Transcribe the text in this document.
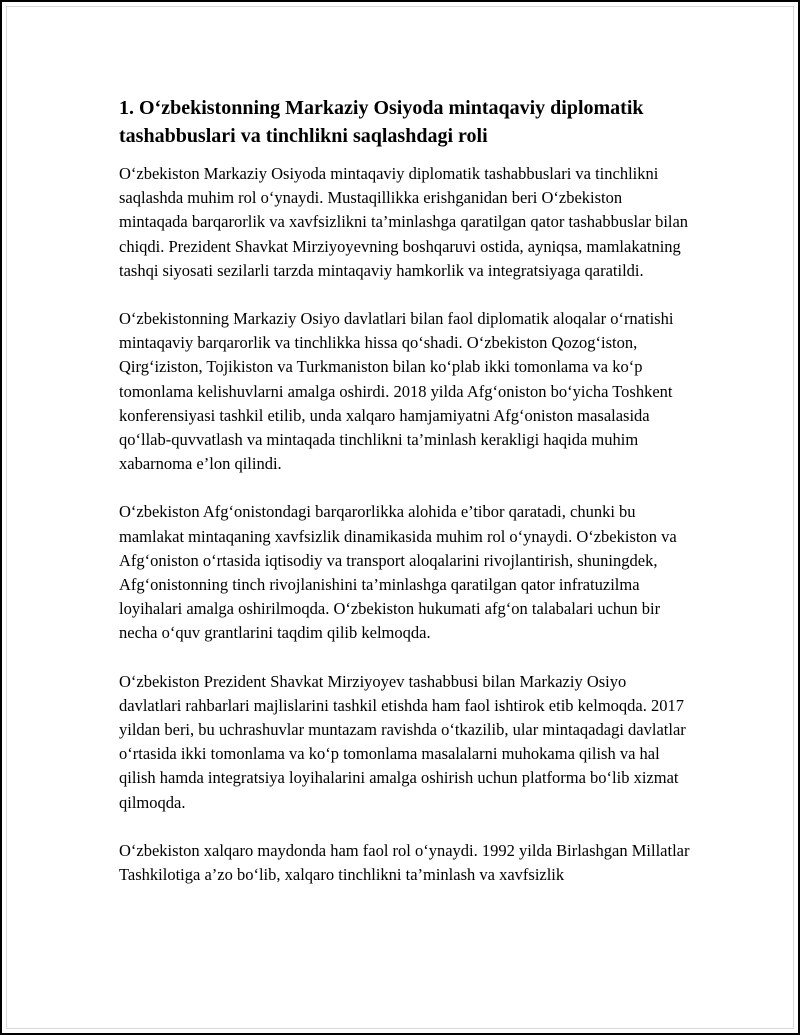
1. O‘zbekistonning Markaziy Osiyoda mintaqaviy diplomatik tashabbuslari va tinchlikni saqlashdagi roli

O‘zbekiston Markaziy Osiyoda mintaqaviy diplomatik tashabbuslari va tinchlikni saqlashda muhim rol o‘ynaydi. Mustaqillikka erishganidan beri O‘zbekiston mintaqada barqarorlik va xavfsizlikni ta’minlashga qaratilgan qator tashabbuslar bilan chiqdi. Prezident Shavkat Mirziyoyevning boshqaruvi ostida, ayniqsa, mamlakatning tashqi siyosati sezilarli tarzda mintaqaviy hamkorlik va integratsiyaga qaratildi.

O‘zbekistonning Markaziy Osiyo davlatlari bilan faol diplomatik aloqalar o‘rnatishi mintaqaviy barqarorlik va tinchlikka hissa qo‘shadi. O‘zbekiston Qozog‘iston, Qirg‘iziston, Tojikiston va Turkmaniston bilan ko‘plab ikki tomonlama va ko‘p tomonlama kelishuvlarni amalga oshirdi. 2018 yilda Afg‘oniston bo‘yicha Toshkent konferensiyasi tashkil etilib, unda xalqaro hamjamiyatni Afg‘oniston masalasida qo‘llab-quvvatlash va mintaqada tinchlikni ta’minlash kerakligi haqida muhim xabarnoma e’lon qilindi.

O‘zbekiston Afg‘onistondagi barqarorlikka alohida e’tibor qaratadi, chunki bu mamlakat mintaqaning xavfsizlik dinamikasida muhim rol o‘ynaydi. O‘zbekiston va Afg‘oniston o‘rtasida iqtisodiy va transport aloqalarini rivojlantirish, shuningdek, Afg‘onistonning tinch rivojlanishini ta’minlashga qaratilgan qator infratuzilma loyihalari amalga oshirilmoqda. O‘zbekiston hukumati afg‘on talabalari uchun bir necha o‘quv grantlarini taqdim qilib kelmoqda.

O‘zbekiston Prezident Shavkat Mirziyoyev tashabbusi bilan Markaziy Osiyo davlatlari rahbarlari majlislarini tashkil etishda ham faol ishtirok etib kelmoqda. 2017 yildan beri, bu uchrashuvlar muntazam ravishda o‘tkazilib, ular mintaqadagi davlatlar o‘rtasida ikki tomonlama va ko‘p tomonlama masalalarni muhokama qilish va hal qilish hamda integratsiya loyihalarini amalga oshirish uchun platforma bo‘lib xizmat qilmoqda.

O‘zbekiston xalqaro maydonda ham faol rol o‘ynaydi. 1992 yilda Birlashgan Millatlar Tashkilotiga a’zo bo‘lib, xalqaro tinchlikni ta’minlash va xavfsizlik
